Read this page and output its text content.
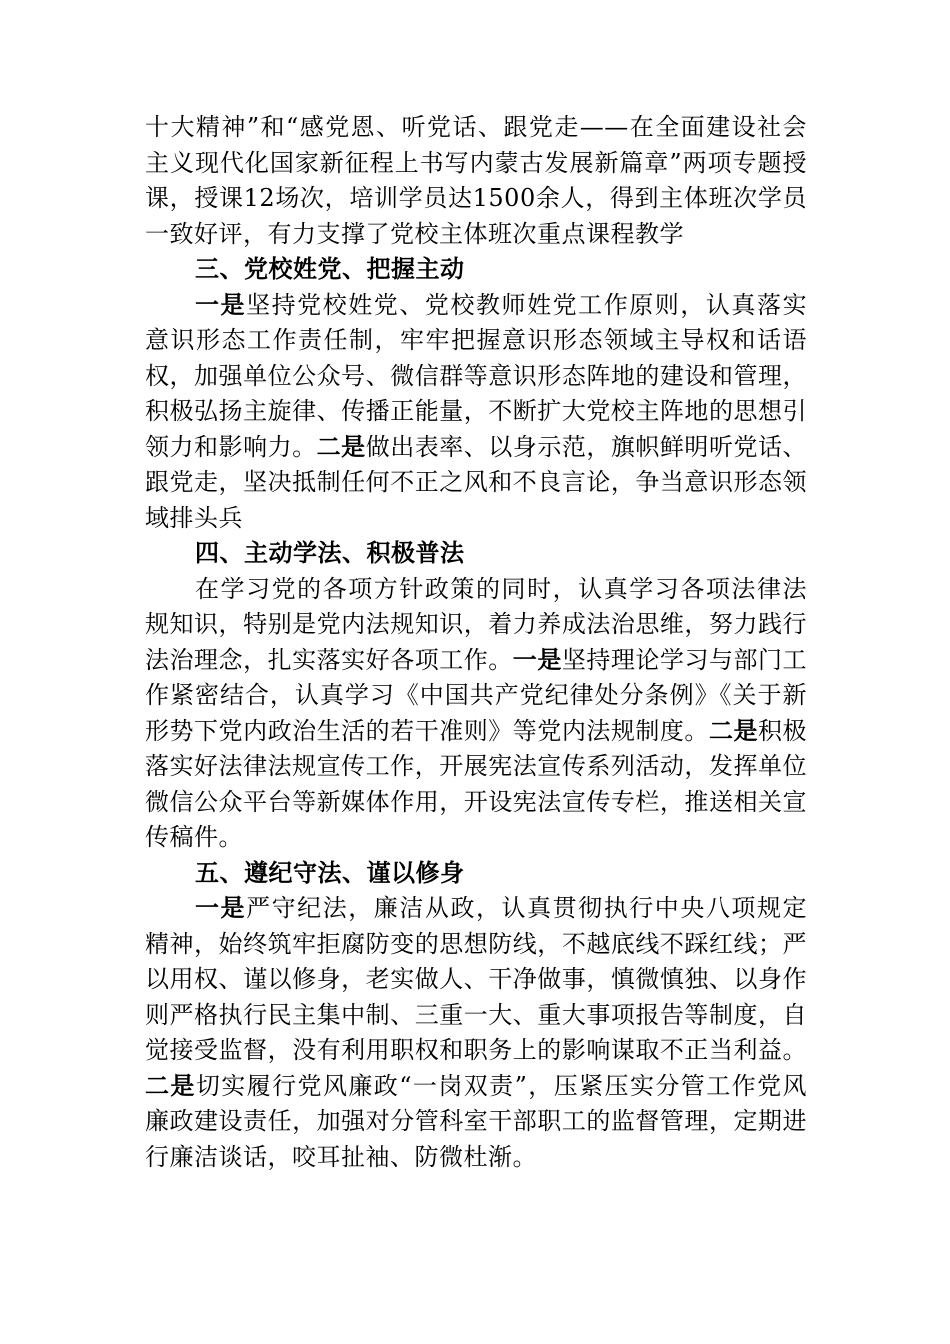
十大精神”和“感党恩、听党话、跟党走——在全面建设社会主义现代化国家新征程上书写内蒙古发展新篇章”两项专题授课，授课12场次，培训学员达1500余人，得到主体班次学员一致好评，有力支撑了党校主体班次重点课程教学

三、党校姓党、把握主动

一是坚持党校姓党、党校教师姓党工作原则，认真落实意识形态工作责任制，牢牢把握意识形态领域主导权和话语权，加强单位公众号、微信群等意识形态阵地的建设和管理，积极弘扬主旋律、传播正能量，不断扩大党校主阵地的思想引领力和影响力。二是做出表率、以身示范，旗帜鲜明听党话、跟党走，坚决抵制任何不正之风和不良言论，争当意识形态领域排头兵

四、主动学法、积极普法

在学习党的各项方针政策的同时，认真学习各项法律法规知识，特别是党内法规知识，着力养成法治思维，努力践行法治理念，扎实落实好各项工作。一是坚持理论学习与部门工作紧密结合，认真学习《中国共产党纪律处分条例》《关于新形势下党内政治生活的若干准则》等党内法规制度。二是积极落实好法律法规宣传工作，开展宪法宣传系列活动，发挥单位微信公众平台等新媒体作用，开设宪法宣传专栏，推送相关宣传稿件。

五、遵纪守法、谨以修身

一是严守纪法，廉洁从政，认真贯彻执行中央八项规定精神，始终筑牢拒腐防变的思想防线，不越底线不踩红线；严以用权、谨以修身，老实做人、干净做事，慎微慎独、以身作则严格执行民主集中制、三重一大、重大事项报告等制度，自觉接受监督，没有利用职权和职务上的影响谋取不正当利益。二是切实履行党风廉政“一岗双责”，压紧压实分管工作党风廉政建设责任，加强对分管科室干部职工的监督管理，定期进行廉洁谈话，咬耳扯袖、防微杜渐。
